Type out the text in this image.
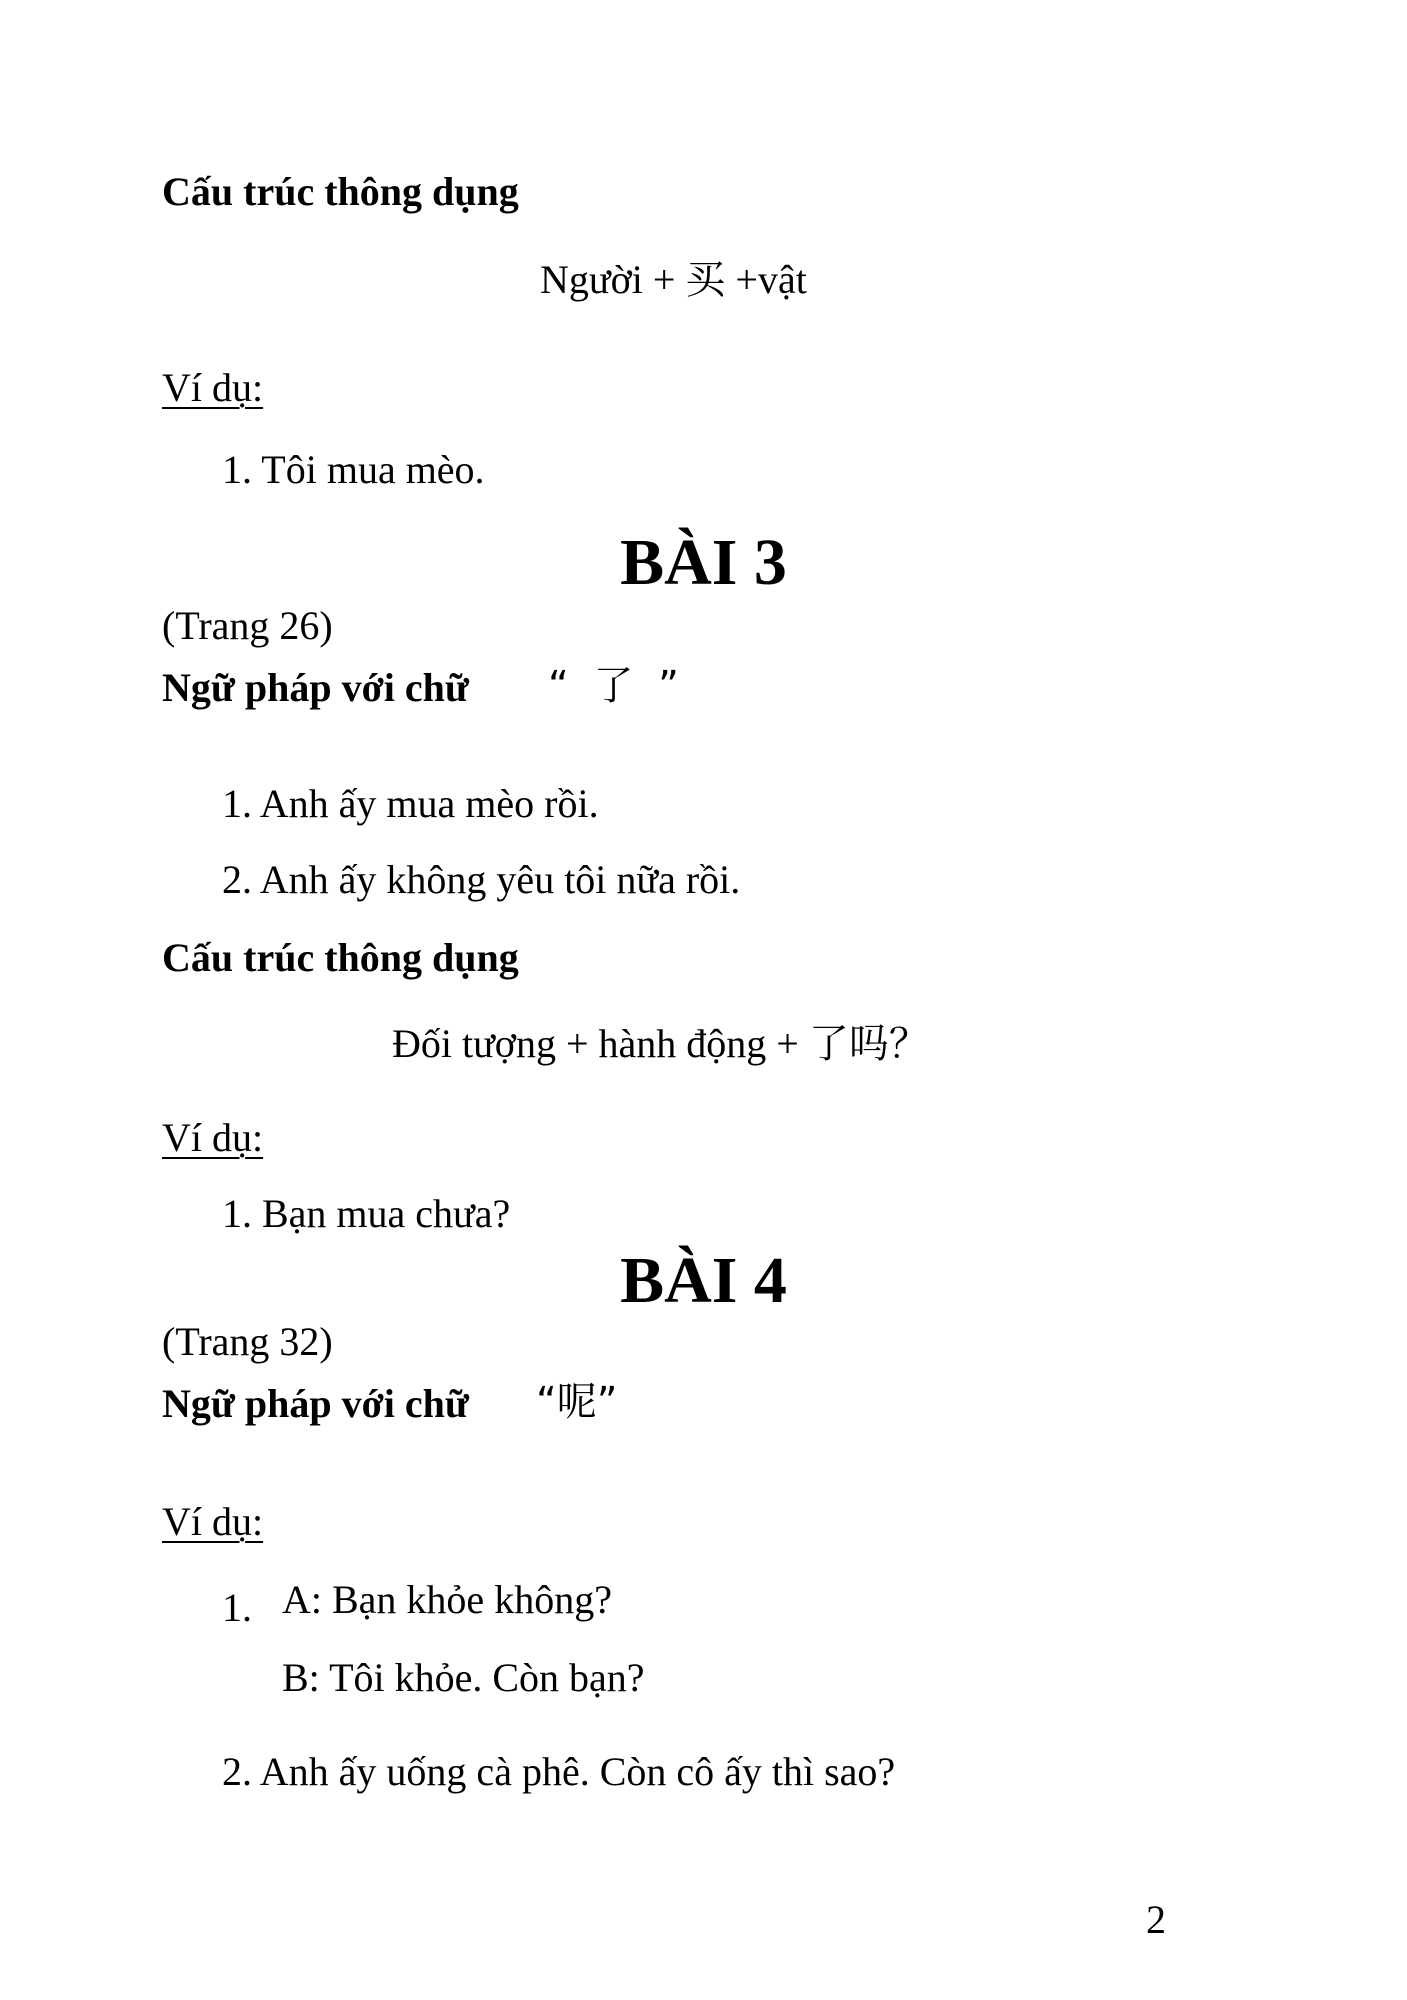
Cấu trúc thông dụng
Người + 买 +vật
Ví dụ:
1. Tôi mua mèo.
BÀI 3
(Trang 26)
Ngữ pháp với chữ “ 了 ”
1. Anh ấy mua mèo rồi.
2. Anh ấy không yêu tôi nữa rồi.
Cấu trúc thông dụng
Đối tượng + hành động + 了吗？
Ví dụ:
1. Bạn mua chưa?
BÀI 4
(Trang 32)
Ngữ pháp với chữ “呢”
Ví dụ:
1. A: Bạn khỏe không?
B: Tôi khỏe. Còn bạn?
2. Anh ấy uống cà phê. Còn cô ấy thì sao?
2
